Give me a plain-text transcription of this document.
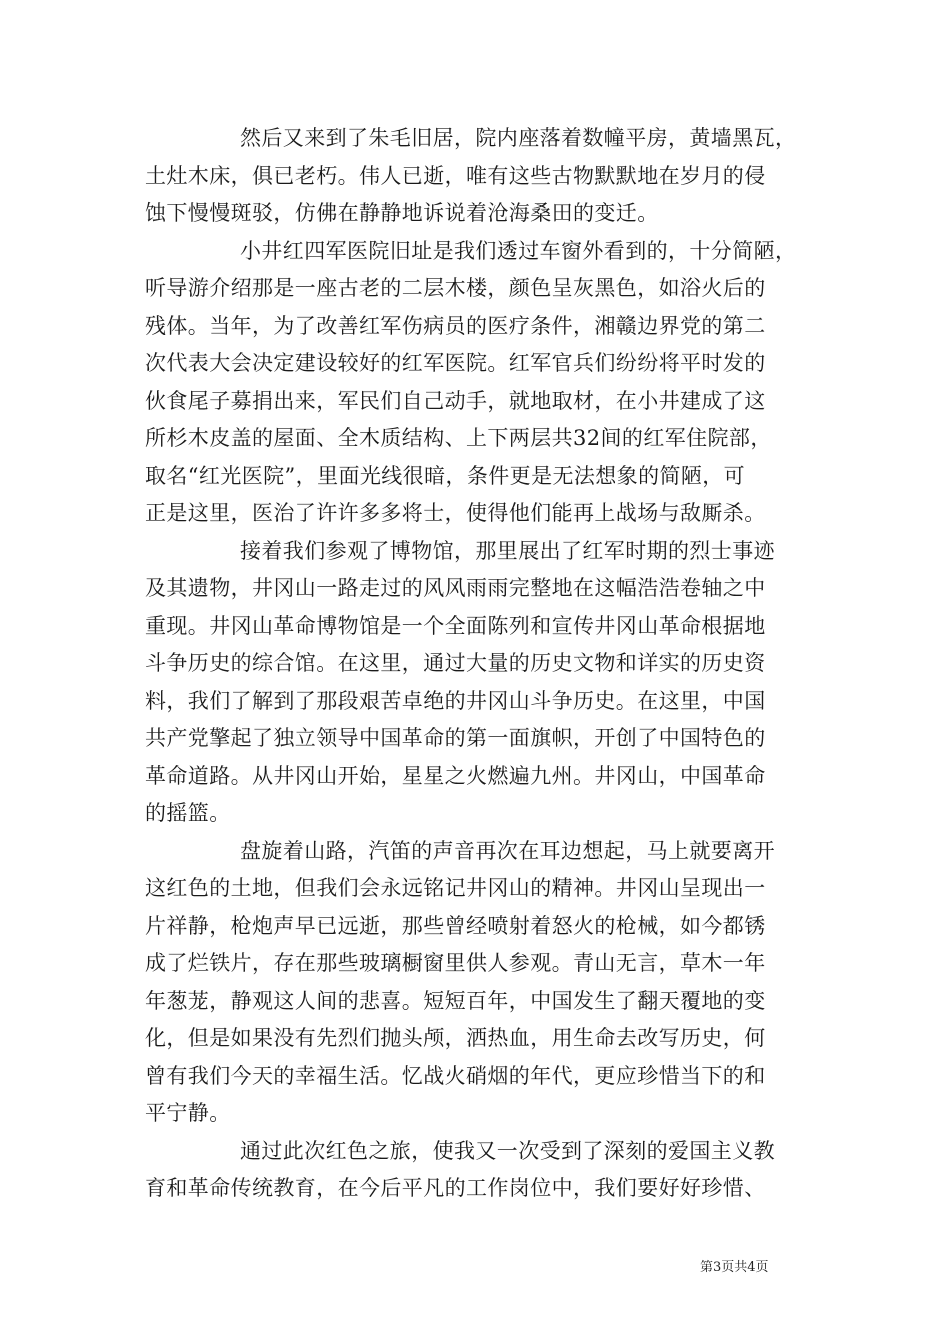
然后又来到了朱毛旧居，院内座落着数幢平房，黄墙黑瓦，
土灶木床，俱已老朽。伟人已逝，唯有这些古物默默地在岁月的侵
蚀下慢慢斑驳，仿佛在静静地诉说着沧海桑田的变迁。
小井红四军医院旧址是我们透过车窗外看到的，十分简陋，
听导游介绍那是一座古老的二层木楼，颜色呈灰黑色，如浴火后的
残体。当年，为了改善红军伤病员的医疗条件，湘赣边界党的第二
次代表大会决定建设较好的红军医院。红军官兵们纷纷将平时发的
伙食尾子募捐出来，军民们自己动手，就地取材，在小井建成了这
所杉木皮盖的屋面、全木质结构、上下两层共32间的红军住院部，
取名“红光医院”，里面光线很暗，条件更是无法想象的简陋，可
正是这里，医治了许许多多将士，使得他们能再上战场与敌厮杀。
接着我们参观了博物馆，那里展出了红军时期的烈士事迹
及其遗物，井冈山一路走过的风风雨雨完整地在这幅浩浩卷轴之中
重现。井冈山革命博物馆是一个全面陈列和宣传井冈山革命根据地
斗争历史的综合馆。在这里，通过大量的历史文物和详实的历史资
料，我们了解到了那段艰苦卓绝的井冈山斗争历史。在这里，中国
共产党擎起了独立领导中国革命的第一面旗帜，开创了中国特色的
革命道路。从井冈山开始，星星之火燃遍九州。井冈山，中国革命
的摇篮。
盘旋着山路，汽笛的声音再次在耳边想起，马上就要离开
这红色的土地，但我们会永远铭记井冈山的精神。井冈山呈现出一
片祥静，枪炮声早已远逝，那些曾经喷射着怒火的枪械，如今都锈
成了烂铁片，存在那些玻璃橱窗里供人参观。青山无言，草木一年
年葱茏，静观这人间的悲喜。短短百年，中国发生了翻天覆地的变
化，但是如果没有先烈们抛头颅，洒热血，用生命去改写历史，何
曾有我们今天的幸福生活。忆战火硝烟的年代，更应珍惜当下的和
平宁静。
通过此次红色之旅，使我又一次受到了深刻的爱国主义教
育和革命传统教育，在今后平凡的工作岗位中，我们要好好珍惜、
第3页共4页
